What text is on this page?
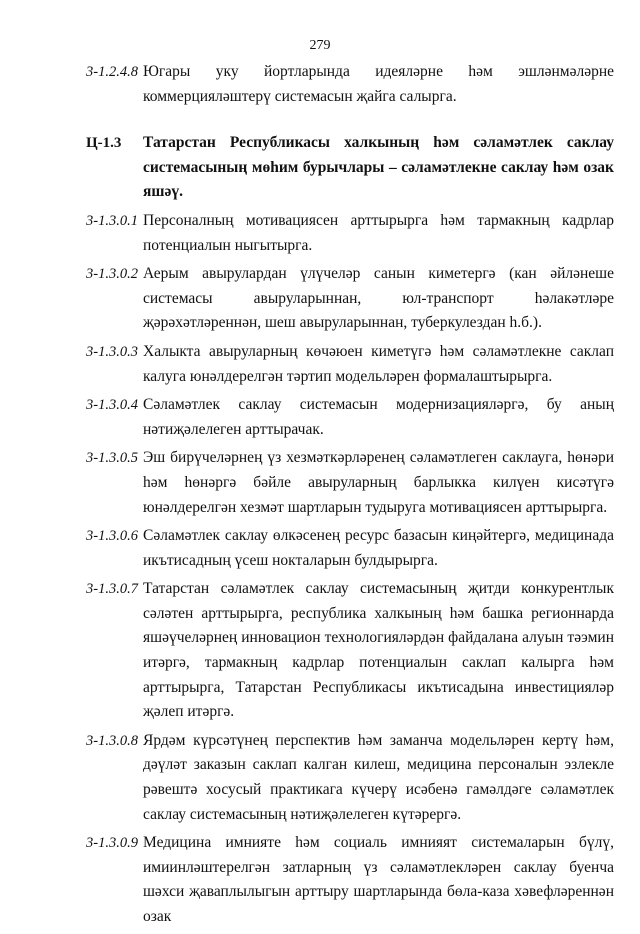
279
3-1.2.4.8 Югары уку йортларында идеяләрне һәм эшләнмәләрне коммерцияләштерү системасын җайга салырга.
Ц-1.3	Татарстан Республикасы халкының һәм сәламәтлек саклау системасының мөһим бурычлары – сәламәтлекне саклау һәм озак яшәү.
3-1.3.0.1 Персоналның мотивациясен арттырырга һәм тармакның кадрлар потенциалын ныгытырга.
3-1.3.0.2 Аерым авырулардан үлүчеләр санын киметергә (кан әйләнеше системасы авыруларыннан, юл-транспорт һәлакәтләре җәрәхәтләреннән, шеш авыруларыннан, туберкулездан һ.б.).
3-1.3.0.3 Халыкта авыруларның көчәюен киметүгә һәм сәламәтлекне саклап калуга юнәлдерелгән тәртип модельләрен формалаштырырга.
3-1.3.0.4 Сәламәтлек саклау системасын модернизацияләргә, бу аның нәтиҗәлелеген арттырачак.
3-1.3.0.5 Эш бирүчеләрнең үз хезмәткәрләренең сәламәтлеген саклауга, һөнәри һәм һөнәргә бәйле авыруларның барлыкка килүен кисәтүгә юнәлдерелгән хезмәт шартларын тудыруга мотивациясен арттырырга.
3-1.3.0.6 Сәламәтлек саклау өлкәсенең ресурс базасын киңәйтергә, медицинада икътисадның үсеш нокталарын булдырырга.
3-1.3.0.7 Татарстан сәламәтлек саклау системасының җитди конкурентлык сәләтен арттырырга, республика халкының һәм башка регионнарда яшәүчеләрнең инновацион технологияләрдән файдалана алуын тәэмин итәргә, тармакның кадрлар потенциалын саклап калырга һәм арттырырга, Татарстан Республикасы икътисадына инвестицияләр җәлеп итәргә.
3-1.3.0.8 Ярдәм күрсәтүнең перспектив һәм заманча модельләрен кертү һәм, дәүләт заказын саклап калган килеш, медицина персоналын эзлекле рәвештә хосусый практикага күчерү исәбенә гамәлдәге сәламәтлек саклау системасының нәтиҗәлелеген күтәрергә.
3-1.3.0.9 Медицина имнияте һәм социаль имнияят системаларын бүлү, имиинләштерелгән затларның үз сәламәтлекләрен саклау буенча шәхси җаваплылыгын арттыру шартларында бөла-каза хәвефләреннән озак
